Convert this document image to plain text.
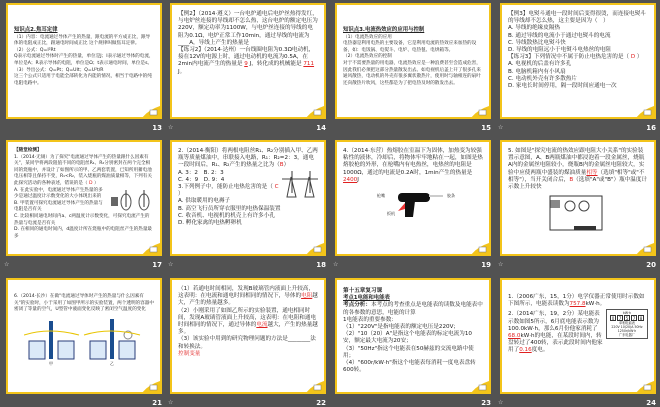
知识点2.焦耳定律
（1）内容：电流通过导体产生的热量，跟电流的平方成正比，跟导体的电阻成正比，跟通电时间成正比 这个规律叫做焦耳定律。
（2）公式：Q=I²Rt
Q表示电流通过导体时产生的热量，单位是J；I表示通过导体的电流，单位是A；R表示导体的电阻，单位是Ω；t表示通电时间，单位是s。
（3）导出公式：Q=Pt；Q=UIt；Q=U²t/R
这三个公式只适用于电能全部转化为内能的情况，相当于电路中的纯电阻电路中。
13
【例2】（2014·遵义）一台电炉通电后电炉丝热得发红，与电炉丝连接的导线却不怎么热，这台电炉的额定电压为220V，额定功率为1100W，与电炉丝连接的导线的电阻为0.1Ω，电炉正常工作10min，通过导线的电流为____A，导线上产生的热量是
【练习2】（2014·达州）一台线圈电阻为0.3Ω电动机，接在12V的电源上时，通过电动机的电流为0.5A，在2min内电流产生的热量是 9 J，转化成的机械能是 711 J。
14
☆
知识点3.电流热效应的应用与控制
（1）电流热效应的应用
电热器是利用电热的主要设备，它是利用电流的热效应来加热的设备，如：电饭锅、电熨斗、电炉、电热毯、电烘箱等。
（2）电流热效应的控制
对于不需要热量的用电器，电流热效应是一种浪费甚至会造成危害，因此我们必须把这部分热量散发出去。如电视机后盖上开了很多孔来通风散热，电动机的外壳有很多翼状散热片，使用时与轴相连的扇叶还向散热片吹风，这些都是为了把电热及时的散发出去。
15
【例3】电熨斗通电一段时间后变得很烫，而连接电熨斗的导线却不怎么热，这主要是因为（　）
A. 导线的绝缘皮隔热
B. 通过导线的电流小于通过电熨斗的电流
C. 导线散热比电熨斗快
D. 导线的电阻远小于电熨斗电热丝的电阻
【练习3】下列情况中不属于防止电热危害的是（ D ）
A. 电视机的后盖有许多孔
B. 电脑机箱内有小风扇
C. 电动机外壳有许多散热片
D. 家电长时间停用，隔一段时间应通电一次
16
☆
【随堂检测】
1.（2014·无锡）为了探究"电流通过导体产生的热量跟什么因素有关"，某同学将两段阻值不同的电阻丝R₁、R₂分别密封在两个完全相同的烧瓶中，并设计了如图所示的甲、乙两套装置，已知所用蓄电池电压相等且保持不变，R₁<R₂，装入烧瓶的煤油质量相等，下列有关此探究活动的各种表述，错误的是（ D ）
A. 在此实验中，电流通过导体产生热量的多少是通过温度计示数变化的大小体现出来的
B. 甲装置可探究电流通过导体产生的热量与电阻是否有关
C. 比较相同通电时间内a、c两温度计示数变化，可探究电流产生的热量与电流是否有关
D. 在相同的通电时间内，d温度计所在烧瓶中的电阻丝产生的热量最多
17
☆
2.（2014·衡阳）将两根电阻丝R₁、R₂分别插入甲、乙两瓶等质量煤油中，串联接入电路，R₁：R₂=2：3，通电一段时间后，R₁、R₂产生的热量之比为（B）
A. 3：2　B. 2：3
C. 4：9　D. 9：4
3.下列例子中，能防止电热危害的是（ C ）
A. 供取暖用的电褥子
B. 高空飞行员所穿衣服里的电热保温装置
C. 收音机、电视机的机壳上有许多小孔
D. 孵化家禽的电热孵卵机
18
☆
4.（2014·东营）热熔胶在室温下为固体，加热变为较强粘性的液体，冷却后，将物体牢牢地粘在一起，如图是热熔胶枪的外形，在枪嘴内有电热丝，电热丝的电阻是1000Ω，通过的电流是0.2A时，1min产生的热量是2400J
枪嘴	胶条
扳机
19
☆
5. 如图是"探究电流的热效应跟电阻大小关系"的实验装置示意图，A、B两瓶煤油中都浸泡着一段金属丝，烧瓶A内的金属丝电阻较小，烧瓶B内的金属丝电阻较大，实验中应使两瓶中盛装的煤油质量相等（选填"相等"或"不相等"），当开关闭合后，B（选填"A"或"B"）瓶中温度计示数上升较快
20
☆
6.（2014·长沙）在做"电流通过导体时产生的热量与什么因素有关"的实验时，小于采用了如图甲所示的实验装置，两个透明的容器中密闭了等量的空气，U型管中液面变化反映了密闭空气温度的变化
甲	乙
21
（1）若通电时间相同，发现B玻璃管内液面上升较高，这表明：在电流和通电时间相同的情况下，导体的电阻越大，产生的热量越多。
（2）小刚采用了如图乙所示的实验装置，通电相同时间，发现A玻璃管液面上升较高，这表明：在电阻和通电时间相同的情况下，通过导体的电流越大，产生的热量越多。
（3）该实验中用到的研究物理问题的方法是________法和转换法。
控制变量
22
☆
第十五章复习课
考点1电能和电能表
考点分析：本考点的考查重点是电能表的读数及电能表中的各参数的意思，电能的计算
1电能表的重要参数：
（1）"220V"是指电能表的额定电压是220V；
（2）"10（20）A"是指这个电能表的标定电流为10安，额定最大电流为20安；
（3）"50Hz"指这个电能表在50赫兹的交流电路中使用；
（4）"600r/kW·h"指这个电能表每消耗一度电表盘转600转。
23
1.（2006广东，15，1分）电学仪器正常使用时示数如下图所示，电能表读数为757.8kW·h。
kW·h
0 7 5 7 8
单相电能表
220V 10(20)A 50Hz
1250r/kW·h
广东电器厂
2.（2014广东，19，2分）某电能表示数如图5所示，6月底电能表示数为100.0kW·h，那么6月份他家消耗了68.0kW·h的电能，在某段时间内，转盘转过了400转，表示此段时间内他家用了0.16度电。
24
☆
